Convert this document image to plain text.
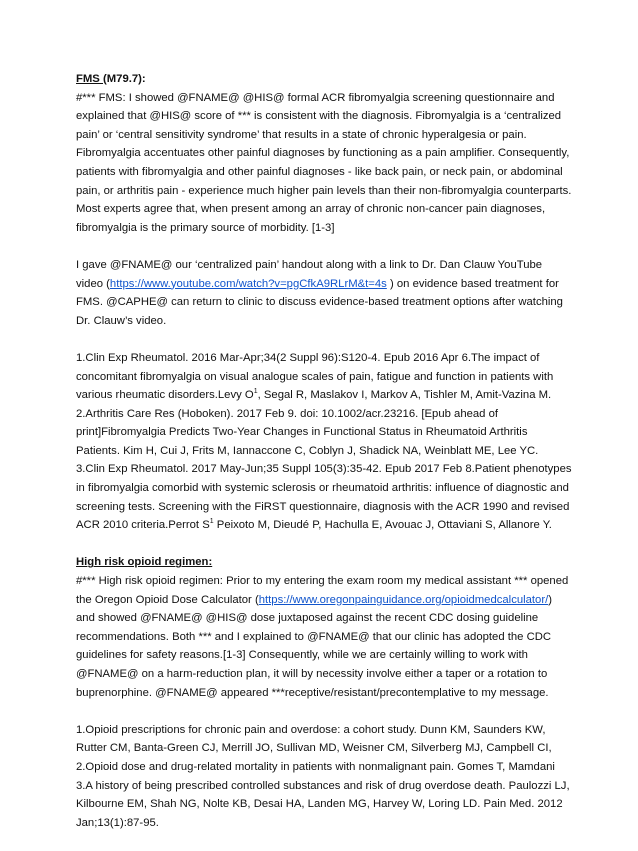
FMS (M79.7):

#*** FMS: I showed @FNAME@ @HIS@ formal ACR fibromyalgia screening questionnaire and explained that @HIS@ score of *** is consistent with the diagnosis. Fibromyalgia is a ‘centralized pain’ or ‘central sensitivity syndrome’ that results in a state of chronic hyperalgesia or pain. Fibromyalgia accentuates other painful diagnoses by functioning as a pain amplifier. Consequently, patients with fibromyalgia and other painful diagnoses - like back pain, or neck pain, or abdominal pain, or arthritis pain - experience much higher pain levels than their non-fibromyalgia counterparts. Most experts agree that, when present among an array of chronic non-cancer pain diagnoses, fibromyalgia is the primary source of morbidity. [1-3]

I gave @FNAME@ our ‘centralized pain’ handout along with a link to Dr. Dan Clauw YouTube video (https://www.youtube.com/watch?v=pgCfkA9RLrM&t=4s ) on evidence based treatment for FMS. @CAPHE@ can return to clinic to discuss evidence-based treatment options after watching Dr. Clauw’s video.

1.Clin Exp Rheumatol. 2016 Mar-Apr;34(2 Suppl 96):S120-4. Epub 2016 Apr 6.The impact of concomitant fibromyalgia on visual analogue scales of pain, fatigue and function in patients with various rheumatic disorders.Levy $O^1$, Segal R, Maslakov I, Markov A, Tishler M, Amit-Vazina M.

2.Arthritis Care Res (Hoboken). 2017 Feb 9. doi: 10.1002/acr.23216. [Epub ahead of print]Fibromyalgia Predicts Two-Year Changes in Functional Status in Rheumatoid Arthritis Patients. Kim H, Cui J, Frits M, Iannaccone C, Coblyn J, Shadick NA, Weinblatt ME, Lee YC.

3.Clin Exp Rheumatol. 2017 May-Jun;35 Suppl 105(3):35-42. Epub 2017 Feb 8.Patient phenotypes in fibromyalgia comorbid with systemic sclerosis or rheumatoid arthritis: influence of diagnostic and screening tests. Screening with the FiRST questionnaire, diagnosis with the ACR 1990 and revised ACR 2010 criteria.Perrot $S^1$ Peixoto M, Dieudé P, Hachulla E, Avouac J, Ottaviani S, Allanore Y.

High risk opioid regimen:

#*** High risk opioid regimen: Prior to my entering the exam room my medical assistant *** opened the Oregon Opioid Dose Calculator (https://www.oregonpainguidance.org/opioidmedcalculator/) and showed @FNAME@ @HIS@ dose juxtaposed against the recent CDC dosing guideline recommendations. Both *** and I explained to @FNAME@ that our clinic has adopted the CDC guidelines for safety reasons.[1-3] Consequently, while we are certainly willing to work with @FNAME@ on a harm-reduction plan, it will by necessity involve either a taper or a rotation to buprenorphine. @FNAME@ appeared ***receptive/resistant/precontemplative to my message.

1.Opioid prescriptions for chronic pain and overdose: a cohort study. Dunn KM, Saunders KW, Rutter CM, Banta-Green CJ, Merrill JO, Sullivan MD, Weisner CM, Silverberg MJ, Campbell CI,

2.Opioid dose and drug-related mortality in patients with nonmalignant pain. Gomes T, Mamdani

3.A history of being prescribed controlled substances and risk of drug overdose death. Paulozzi LJ, Kilbourne EM, Shah NG, Nolte KB, Desai HA, Landen MG, Harvey W, Loring LD. Pain Med. 2012 Jan;13(1):87-95.
